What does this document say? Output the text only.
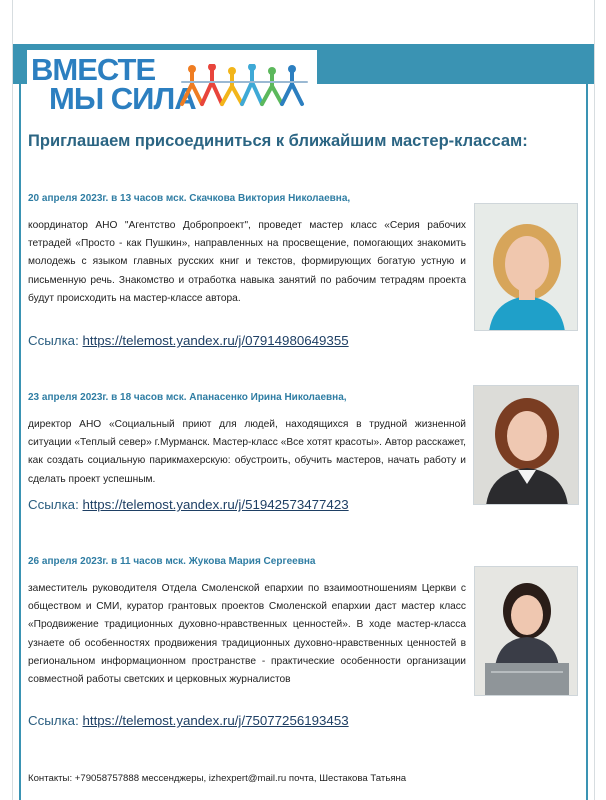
ВМЕСТЕ
МЫ СИЛА
Приглашаем присоединиться к ближайшим мастер-классам:
20 апреля 2023г. в 13 часов мск. Скачкова Виктория Николаевна,
координатор АНО "Агентство Добропроект", проведет мастер класс «Серия рабочих тетрадей «Просто - как Пушкин», направленных на просвещение, помогающих знакомить молодежь с языком главных русских книг и текстов, формирующих богатую устную и письменную речь. Знакомство и отработка навыка занятий по рабочим тетрадям проекта будут происходить на мастер-классе автора.
Ссылка: https://telemost.yandex.ru/j/07914980649355
23 апреля 2023г. в 18 часов мск. Апанасенко Ирина Николаевна,
директор АНО «Социальный приют для людей, находящихся в трудной жизненной ситуации «Теплый север» г.Мурманск. Мастер-класс «Все хотят красоты». Автор расскажет, как создать социальную парикмахерскую: обустроить, обучить мастеров, начать работу и сделать проект успешным.
Ссылка: https://telemost.yandex.ru/j/51942573477423
26 апреля 2023г. в 11 часов мск. Жукова Мария Сергеевна
заместитель руководителя Отдела Смоленской епархии по взаимоотношениям Церкви с обществом и СМИ, куратор грантовых проектов Смоленской епархии даст мастер класс «Продвижение традиционных духовно-нравственных ценностей». В ходе мастер-класса узнаете об особенностях продвижения традиционных духовно-нравственных ценностей в региональном информационном пространстве - практические особенности организации совместной работы светских и церковных журналистов
Ссылка: https://telemost.yandex.ru/j/75077256193453
Контакты: +79058757888 мессенджеры, izhexpert@mail.ru почта, Шестакова Татьяна
